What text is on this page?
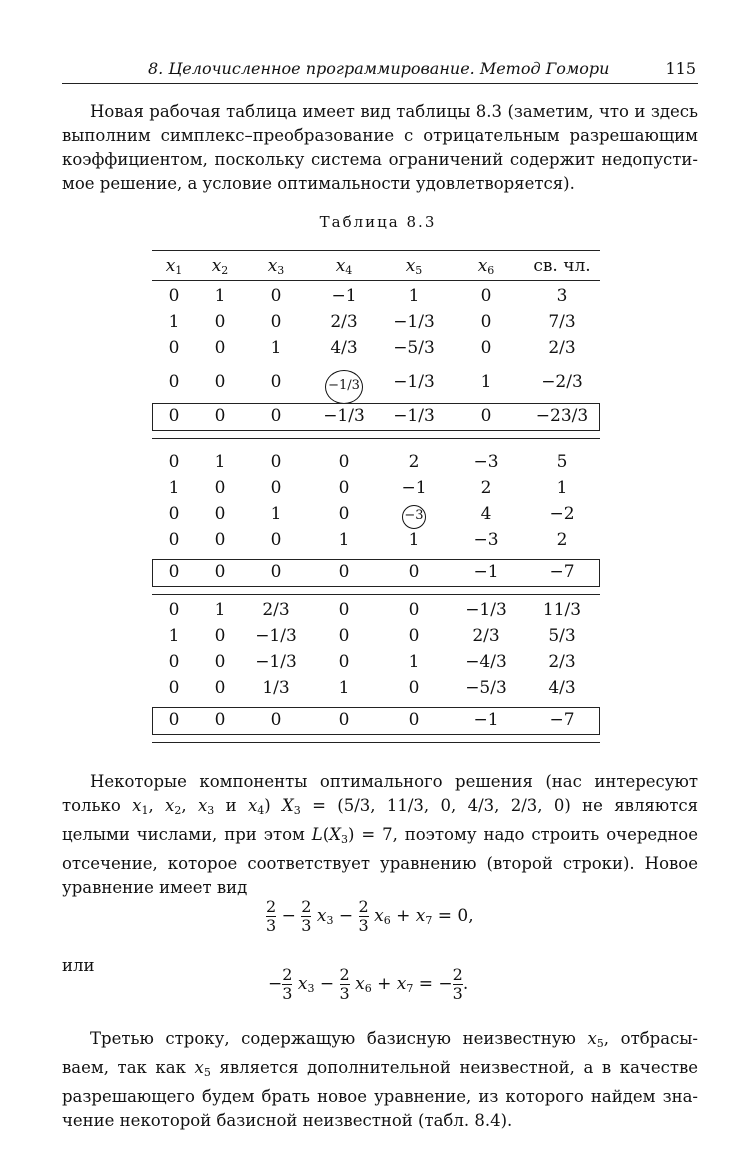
8. Целочисленное программирование. Метод Гомори	115
Новая рабочая таблица имеет вид таблицы 8.3 (заметим, что и здесь
выполним симплекс–преобразование с отрицательным разрешающим
коэффициентом, поскольку система ограничений содержит недопусти-
мое решение, а условие оптимальности удовлетворяется).
Таблица 8.3
$x_1$	$x_2$	$x_3$	$x_4$	$x_5$	$x_6$	св. чл.
0	1	0	−1	1	0	3
1	0	0	2/3	−1/3	0	7/3
0	0	1	4/3	−5/3	0	2/3
0	0	0	−1/3	−1/3	1	−2/3
0	0	0	−1/3	−1/3	0	−23/3
0	1	0	0	2	−3	5
1	0	0	0	−1	2	1
0	0	1	0	−3	4	−2
0	0	0	1	1	−3	2
0	0	0	0	0	−1	−7
0	1	2/3	0	0	−1/3	11/3
1	0	−1/3	0	0	2/3	5/3
0	0	−1/3	0	1	−4/3	2/3
0	0	1/3	1	0	−5/3	4/3
0	0	0	0	0	−1	−7
Некоторые компоненты оптимального решения (нас интересуют
только $x_1$, $x_2$, $x_3$ и $x_4$) $X_3 = (5/3$, 11/3, 0, 4/3, 2/3, 0) не являются
целыми числами, при этом $L(X_3) = 7$, поэтому надо строить очередное
отсечение, которое соответствует уравнению (второй строки). Новое
уравнение имеет вид
$\frac{2}{3} - \frac{2}{3} x_3 - \frac{2}{3} x_6 + x_7 = 0$,
или
− $\frac{2}{3} x_3 - \frac{2}{3} x_6 + x_7$ = − $\frac{2}{3}$ .
Третью строку, содержащую базисную неизвестную $x_5$, отбрасы-
ваем, так как $x_5$ является дополнительной неизвестной, а в качестве
разрешающего будем брать новое уравнение, из которого найдем зна-
чение некоторой базисной неизвестной (табл. 8.4).
